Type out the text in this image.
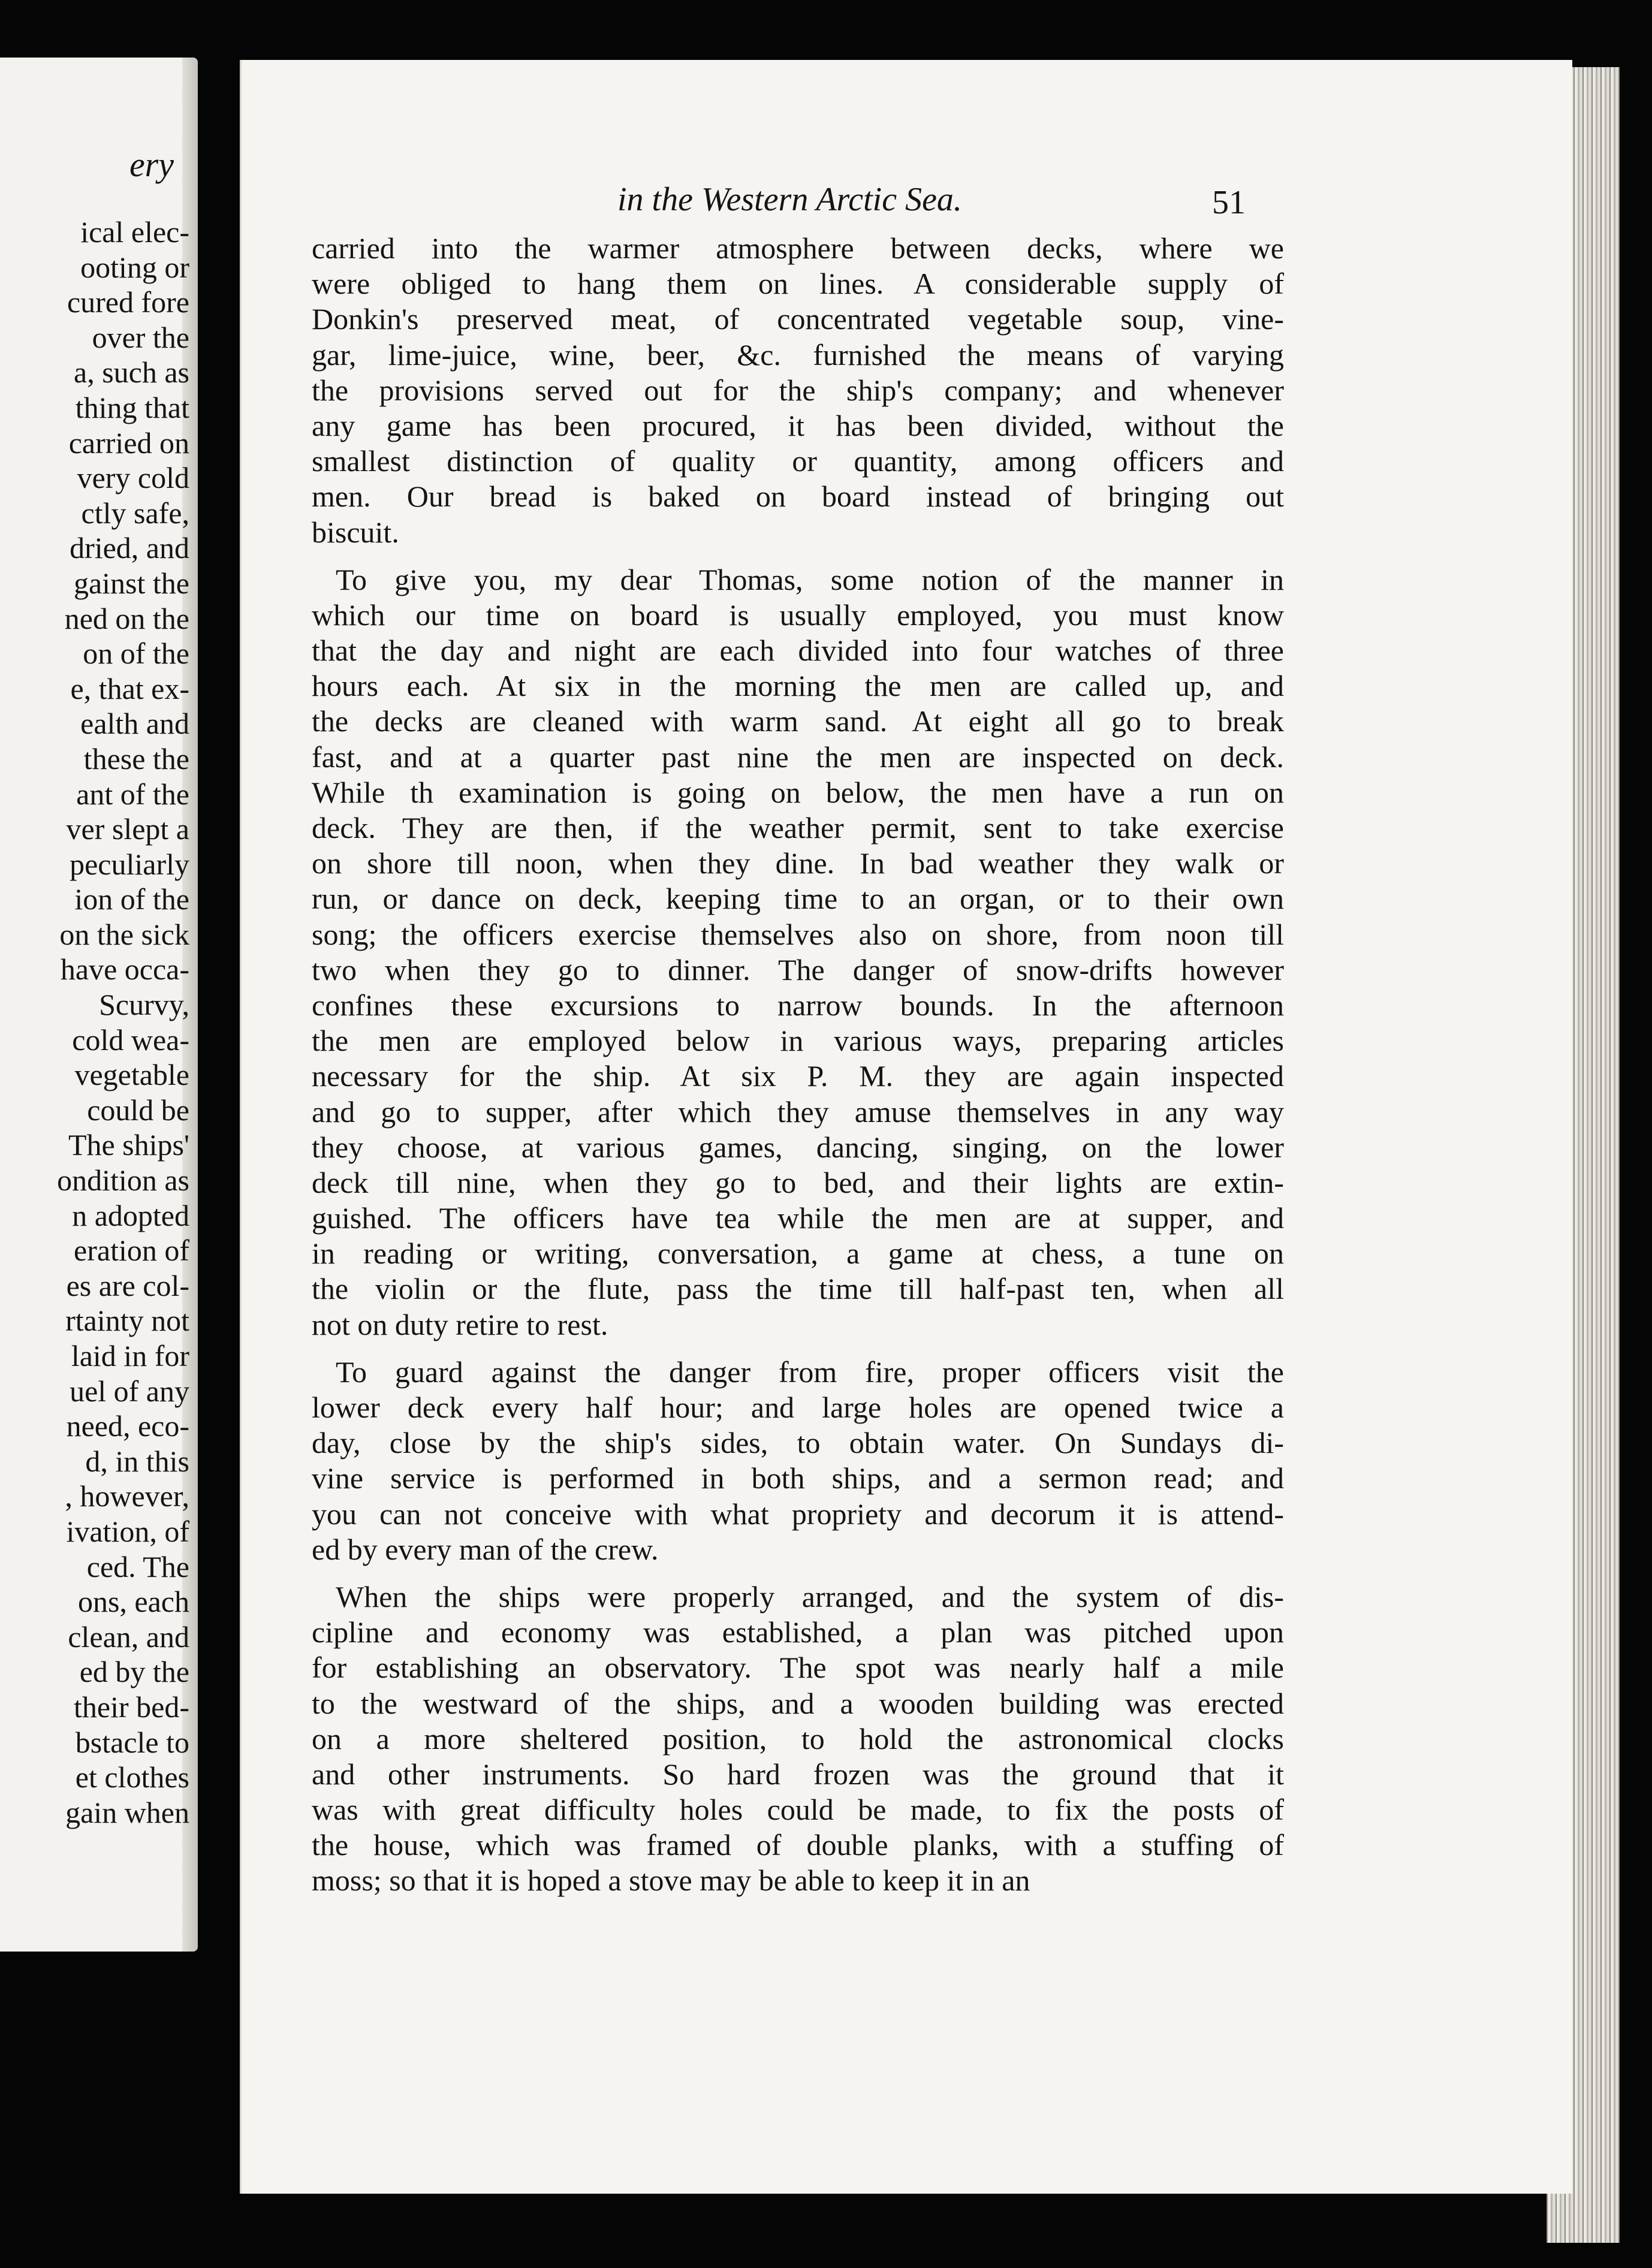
ery
ical elec-
ooting or
cured fore
over the
a, such as
thing that
carried on
very cold
ctly safe,
dried, and
gainst the
ned on the
on of the
e, that ex-
ealth and
these the
ant of the
ver slept a
peculiarly
ion of the
on the sick
have occa-
Scurvy,
cold wea-
vegetable
could be
The ships'
ondition as
n adopted
eration of
es are col-
rtainty not
laid in for
uel of any
need, eco-
d, in this
, however,
ivation, of
ced. The
ons, each
clean, and
ed by the
their bed-
bstacle to
et clothes
gain when
in the Western Arctic Sea.	51
carried into the warmer atmosphere between decks, where we
were obliged to hang them on lines. A considerable supply of
Donkin's preserved meat, of concentrated vegetable soup, vine-
gar, lime-juice, wine, beer, &c. furnished the means of varying
the provisions served out for the ship's company; and whenever
any game has been procured, it has been divided, without the
smallest distinction of quality or quantity, among officers and
men. Our bread is baked on board instead of bringing out
biscuit.
To give you, my dear Thomas, some notion of the manner in
which our time on board is usually employed, you must know
that the day and night are each divided into four watches of three
hours each. At six in the morning the men are called up, and
the decks are cleaned with warm sand. At eight all go to break
fast, and at a quarter past nine the men are inspected on deck.
While th examination is going on below, the men have a run on
deck. They are then, if the weather permit, sent to take exercise
on shore till noon, when they dine. In bad weather they walk or
run, or dance on deck, keeping time to an organ, or to their own
song; the officers exercise themselves also on shore, from noon till
two when they go to dinner. The danger of snow-drifts however
confines these excursions to narrow bounds. In the afternoon
the men are employed below in various ways, preparing articles
necessary for the ship. At six P. M. they are again inspected
and go to supper, after which they amuse themselves in any way
they choose, at various games, dancing, singing, on the lower
deck till nine, when they go to bed, and their lights are extin-
guished. The officers have tea while the men are at supper, and
in reading or writing, conversation, a game at chess, a tune on
the violin or the flute, pass the time till half-past ten, when all
not on duty retire to rest.
To guard against the danger from fire, proper officers visit the
lower deck every half hour; and large holes are opened twice a
day, close by the ship's sides, to obtain water. On Sundays di-
vine service is performed in both ships, and a sermon read; and
you can not conceive with what propriety and decorum it is attend-
ed by every man of the crew.
When the ships were properly arranged, and the system of dis-
cipline and economy was established, a plan was pitched upon
for establishing an observatory. The spot was nearly half a mile
to the westward of the ships, and a wooden building was erected
on a more sheltered position, to hold the astronomical clocks
and other instruments. So hard frozen was the ground that it
was with great difficulty holes could be made, to fix the posts of
the house, which was framed of double planks, with a stuffing of
moss; so that it is hoped a stove may be able to keep it in an
